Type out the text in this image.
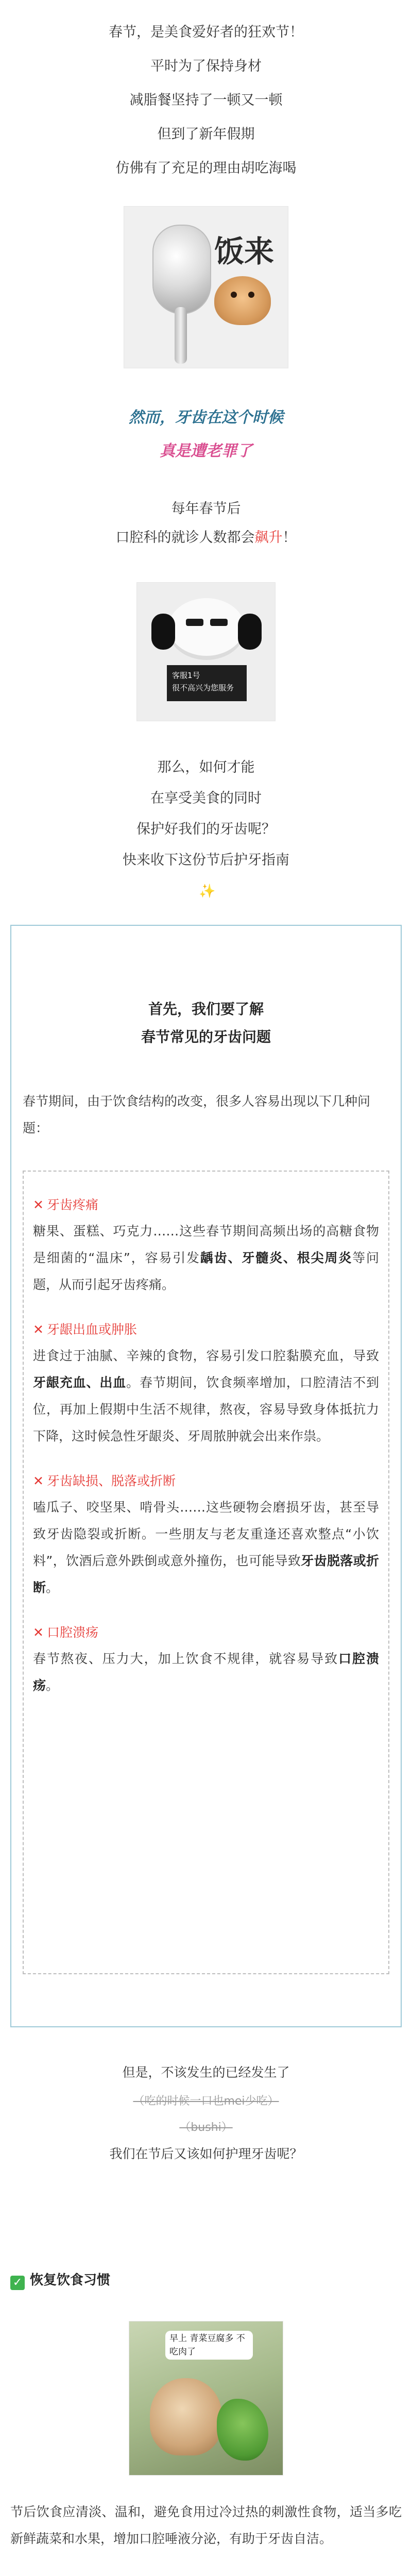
春节，是美食爱好者的狂欢节！
平时为了保持身材
减脂餐坚持了一顿又一顿
但到了新年假期
仿佛有了充足的理由胡吃海喝
饭来
然而，牙齿在这个时候
真是遭老罪了
每年春节后
口腔科的就诊人数都会飙升！
客服1号
很不高兴为您服务
那么，如何才能
在享受美食的同时
保护好我们的牙齿呢？
快来收下这份节后护牙指南
✨
首先，我们要了解
春节常见的牙齿问题
春节期间，由于饮食结构的改变，很多人容易出现以下几种问题：
✕ 牙齿疼痛
糖果、蛋糕、巧克力……这些春节期间高频出场的高糖食物是细菌的“温床”，容易引发龋齿、牙髓炎、根尖周炎等问题，从而引起牙齿疼痛。
✕ 牙龈出血或肿胀
进食过于油腻、辛辣的食物，容易引发口腔黏膜充血，导致牙龈充血、出血。春节期间，饮食频率增加，口腔清洁不到位，再加上假期中生活不规律，熬夜，容易导致身体抵抗力下降，这时候急性牙龈炎、牙周脓肿就会出来作祟。
✕ 牙齿缺损、脱落或折断
嗑瓜子、咬坚果、啃骨头……这些硬物会磨损牙齿，甚至导致牙齿隐裂或折断。一些朋友与老友重逢还喜欢整点“小饮料”，饮酒后意外跌倒或意外撞伤，也可能导致牙齿脱落或折断。
✕ 口腔溃疡
春节熬夜、压力大，加上饮食不规律，就容易导致口腔溃疡。
但是，不该发生的已经发生了
（吃的时候一口也mei少吃）
（bushi）
我们在节后又该如何护理牙齿呢？
✓ 恢复饮食习惯
早上 青菜豆腐多 不吃肉了
节后饮食应清淡、温和，避免食用过冷过热的刺激性食物，适当多吃新鲜蔬菜和水果，增加口腔唾液分泌，有助于牙齿自洁。
